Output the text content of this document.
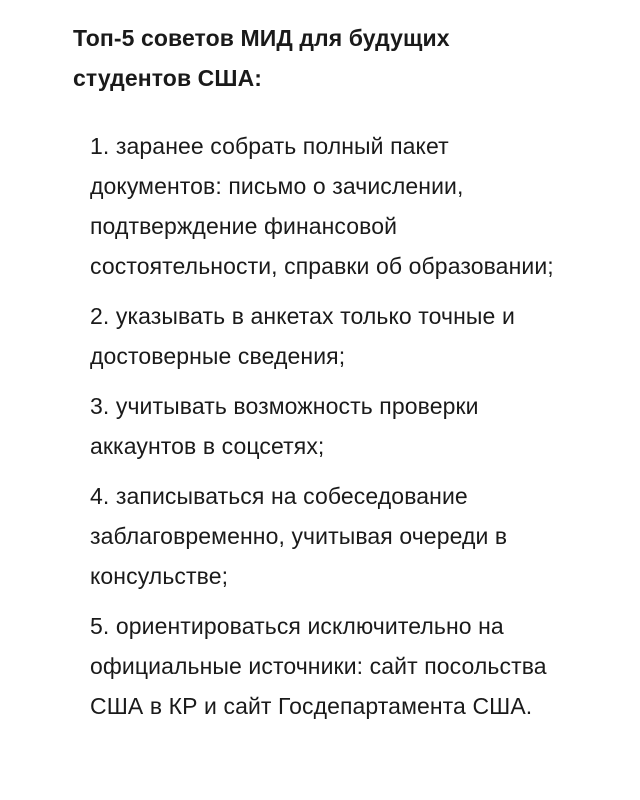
Топ-5 советов МИД для будущих студентов США:
1. заранее собрать полный пакет документов: письмо о зачислении, подтверждение финансовой состоятельности, справки об образовании;
2. указывать в анкетах только точные и достоверные сведения;
3. учитывать возможность проверки аккаунтов в соцсетях;
4. записываться на собеседование заблаговременно, учитывая очереди в консульстве;
5. ориентироваться исключительно на официальные источники: сайт посольства США в КР и сайт Госдепартамента США.
